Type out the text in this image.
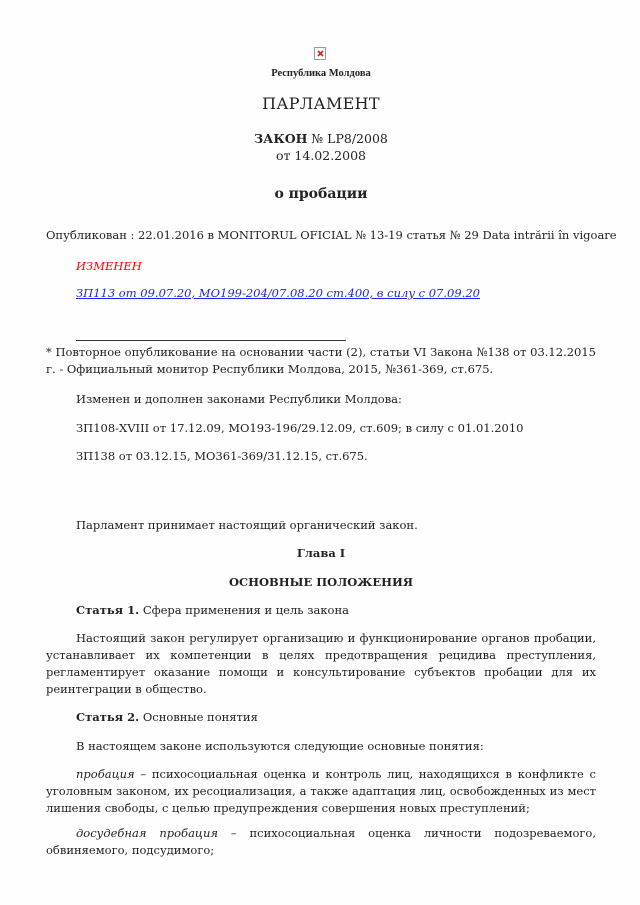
Республика Молдова
ПАРЛАМЕНТ
ЗАКОН № LP8/2008
от 14.02.2008
о пробации
Опубликован : 22.01.2016 в MONITORUL OFICIAL № 13-19 статья № 29 Data intrării în vigoare
ИЗМЕНЕН
ЗП113 от 09.07.20, МО199-204/07.08.20 ст.400, в силу с 07.09.20
* Повторное опубликование на основании части (2), статьи VI Закона №138 от 03.12.2015 г. - Официальный монитор Республики Молдова, 2015, №361-369, ст.675.
Изменен и дополнен законами Республики Молдова:
ЗП108-XVIII от 17.12.09, МО193-196/29.12.09, ст.609; в силу с 01.01.2010
ЗП138 от 03.12.15, МО361-369/31.12.15, ст.675.
Парламент принимает настоящий органический закон.
Глава I
ОСНОВНЫЕ ПОЛОЖЕНИЯ
Статья 1. Сфера применения и цель закона
Настоящий закон регулирует организацию и функционирование органов пробации, устанавливает их компетенции в целях предотвращения рецидива преступления, регламентирует оказание помощи и консультирование субъектов пробации для их реинтеграции в общество.
Статья 2. Основные понятия
В настоящем законе используются следующие основные понятия:
пробация – психосоциальная оценка и контроль лиц, находящихся в конфликте с уголовным законом, их ресоциализация, а также адаптация лиц, освобожденных из мест лишения свободы, с целью предупреждения совершения новых преступлений;
досудебная пробация – психосоциальная оценка личности подозреваемого, обвиняемого, подсудимого;
